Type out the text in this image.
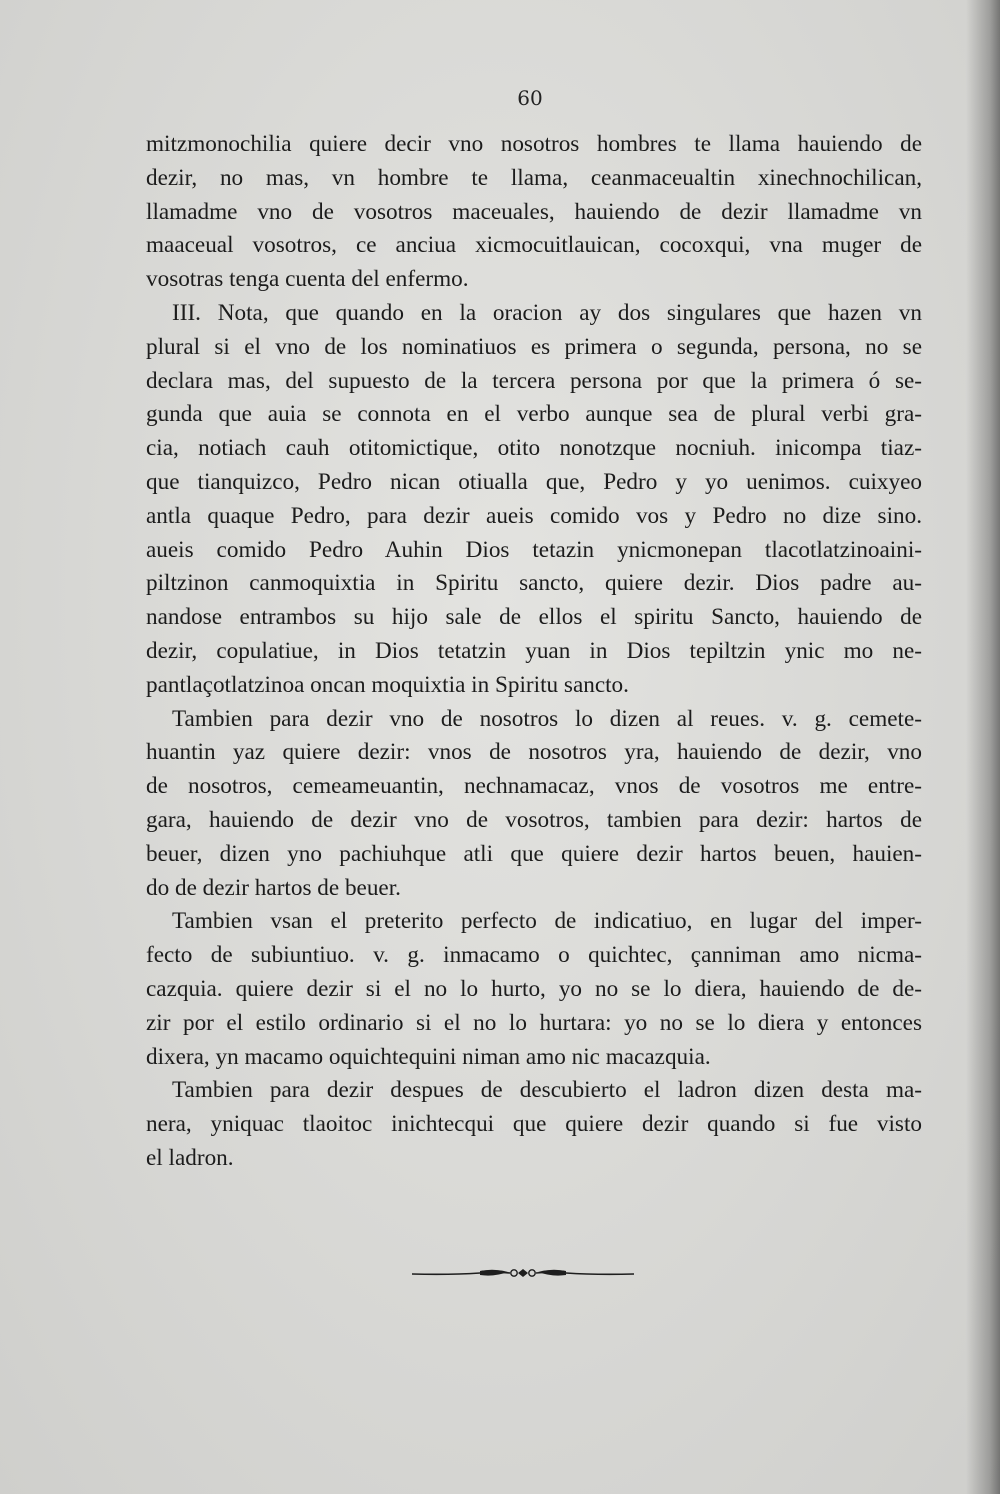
60
mitzmonochilia quiere decir vno nosotros hombres te llama hauiendo de
dezir, no mas, vn hombre te llama, ceanmaceualtin xinechnochilican,
llamadme vno de vosotros maceuales, hauiendo de dezir llamadme vn
maaceual vosotros, ce anciua xicmocuitlauican, cocoxqui, vna muger de
vosotras tenga cuenta del enfermo.
III. Nota, que quando en la oracion ay dos singulares que hazen vn
plural si el vno de los nominatiuos es primera o segunda, persona, no se
declara mas, del supuesto de la tercera persona por que la primera ó se-
gunda que auia se connota en el verbo aunque sea de plural verbi gra-
cia, notiach cauh otitomictique, otito nonotzque nocniuh. inicompa tiaz-
que tianquizco, Pedro nican otiualla que, Pedro y yo uenimos. cuixyeo
antla quaque Pedro, para dezir aueis comido vos y Pedro no dize sino.
aueis comido Pedro Auhin Dios tetazin ynicmonepan tlacotlatzinoaini-
piltzinon canmoquixtia in Spiritu sancto, quiere dezir. Dios padre au-
nandose entrambos su hijo sale de ellos el spiritu Sancto, hauiendo de
dezir, copulatiue, in Dios tetatzin yuan in Dios tepiltzin ynic mo ne-
pantlaçotlatzinoa oncan moquixtia in Spiritu sancto.
Tambien para dezir vno de nosotros lo dizen al reues. v. g. cemete-
huantin yaz quiere dezir: vnos de nosotros yra, hauiendo de dezir, vno
de nosotros, cemeameuantin, nechnamacaz, vnos de vosotros me entre-
gara, hauiendo de dezir vno de vosotros, tambien para dezir: hartos de
beuer, dizen yno pachiuhque atli que quiere dezir hartos beuen, hauien-
do de dezir hartos de beuer.
Tambien vsan el preterito perfecto de indicatiuo, en lugar del imper-
fecto de subiuntiuo. v. g. inmacamo o quichtec, çanniman amo nicma-
cazquia. quiere dezir si el no lo hurto, yo no se lo diera, hauiendo de de-
zir por el estilo ordinario si el no lo hurtara: yo no se lo diera y entonces
dixera, yn macamo oquichtequini niman amo nic macazquia.
Tambien para dezir despues de descubierto el ladron dizen desta ma-
nera, yniquac tlaoitoc inichtecqui que quiere dezir quando si fue visto
el ladron.
